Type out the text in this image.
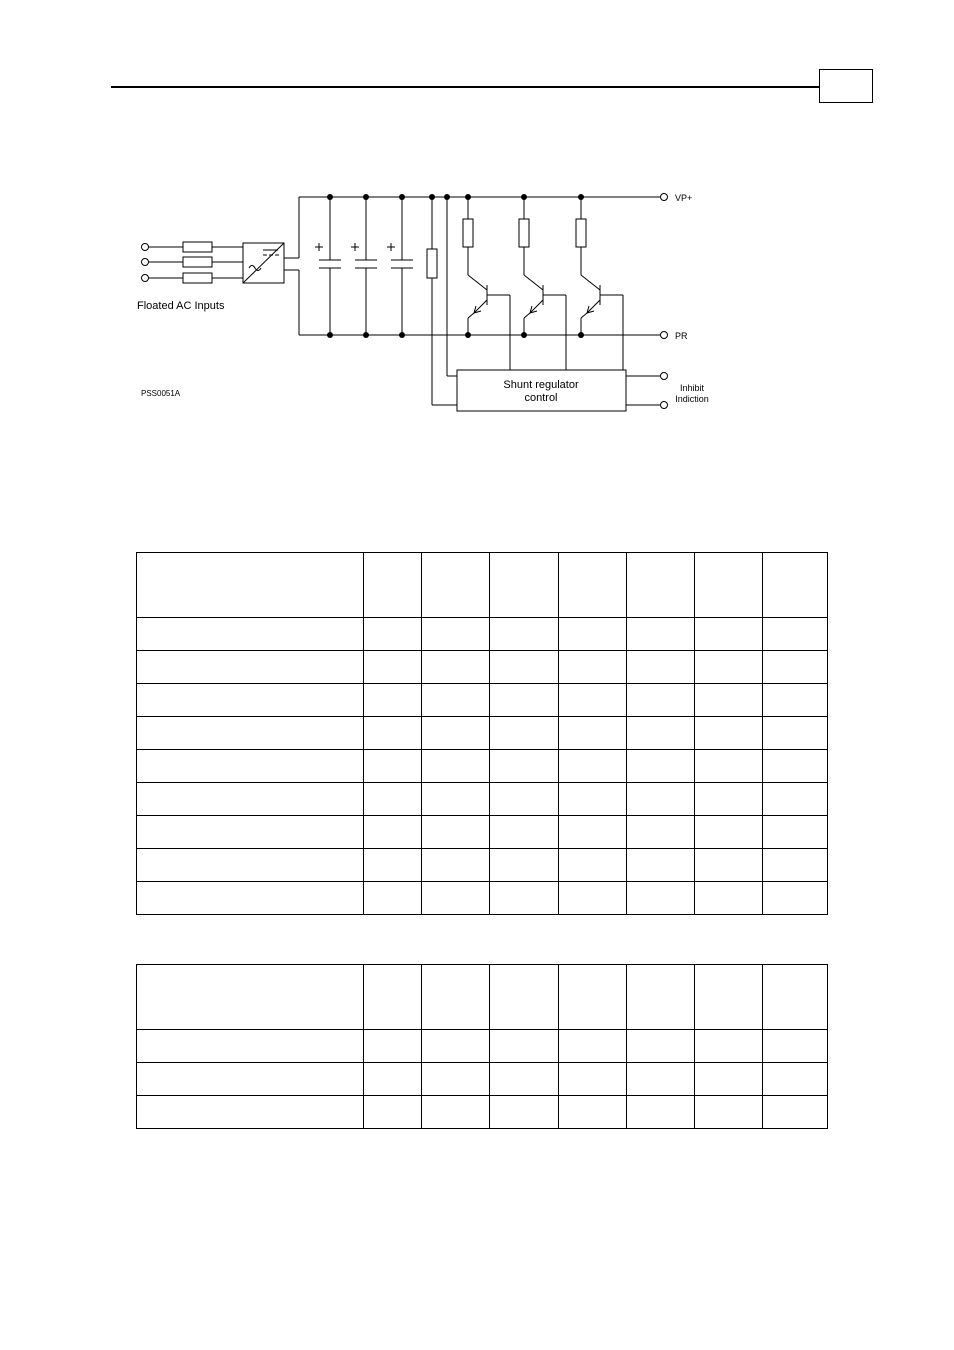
Floated AC Inputs
VP+
PR
Shunt regulator
control
Inhibit
Indiction
PSS0051A
